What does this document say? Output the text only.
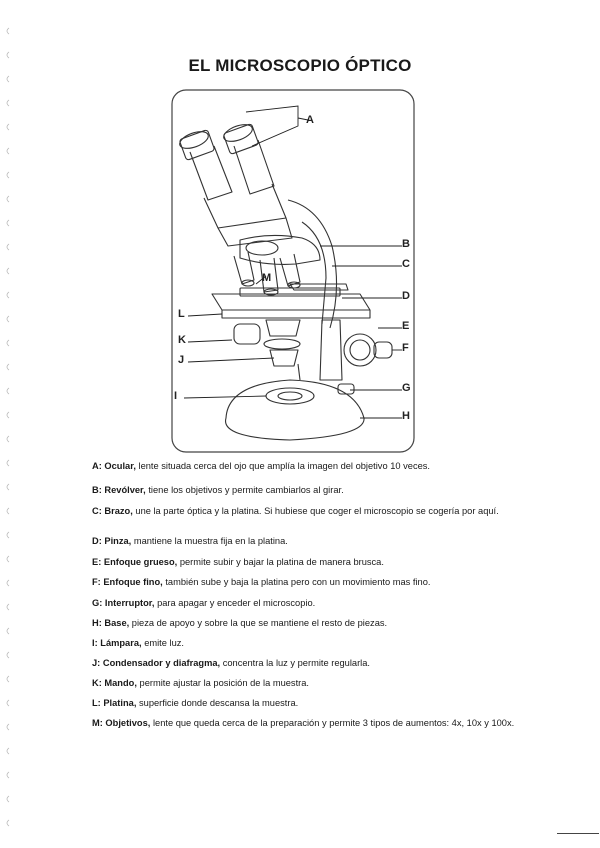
EL MICROSCOPIO ÓPTICO
A
B
C
D
E
F
G
H
I
J
K
L
M

A: Ocular, lente situada cerca del ojo que amplía la imagen del objetivo 10 veces.

B: Revólver, tiene los objetivos y permite cambiarlos al girar.

C: Brazo, une la parte óptica y la platina. Si hubiese que coger el microscopio se cogería por aquí.

D: Pinza, mantiene la muestra fija en la platina.

E: Enfoque grueso, permite subir y bajar la platina de manera brusca.

F: Enfoque fino, también sube y baja la platina pero con un movimiento mas fino.

G: Interruptor, para apagar y enceder el microscopio.

H: Base, pieza de apoyo y sobre la que se mantiene el resto de piezas.

I: Lámpara, emite luz.

J: Condensador y diafragma, concentra la luz y permite regularla.

K: Mando, permite ajustar la posición de la muestra.

L: Platina, superficie donde descansa la muestra.

M: Objetivos, lente que queda cerca de la preparación y permite 3 tipos de aumentos: 4x, 10x y 100x.
